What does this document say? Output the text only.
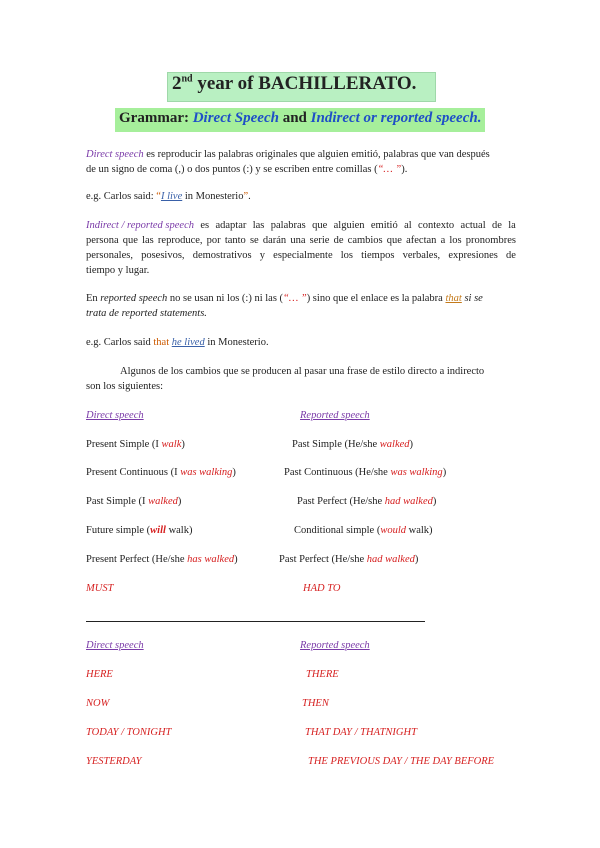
2nd year of BACHILLERATO.
Grammar: Direct Speech and Indirect or reported speech.
Direct speech es reproducir las palabras originales que alguien emitió, palabras que van después
de un signo de coma (,) o dos puntos (:) y se escriben entre comillas (“… ”).
e.g. Carlos said: “I live in Monesterio”.
Indirect / reported speech es adaptar las palabras que alguien emitió al contexto actual de la
persona que las reproduce, por tanto se darán una serie de cambios que afectan a los pronombres
personales, posesivos, demostrativos y especialmente los tiempos verbales, expresiones de
tiempo y lugar.
En reported speech no se usan ni los (:) ni las (“… ”) sino que el enlace es la palabra that si se
trata de reported statements.
e.g. Carlos said that he lived in Monesterio.
Algunos de los cambios que se producen al pasar una frase de estilo directo a indirecto
son los siguientes:
Direct speech	Reported speech
Present Simple (I walk)	Past Simple (He/she walked)
Present Continuous (I was walking)	Past Continuous (He/she was walking)
Past Simple (I walked)	Past Perfect (He/she had walked)
Future simple (will walk)	Conditional simple (would walk)
Present Perfect (He/she has walked)	Past Perfect (He/she had walked)
MUST	HAD TO
Direct speech	Reported speech
HERE	THERE
NOW	THEN
TODAY / TONIGHT	THAT DAY / THATNIGHT
YESTERDAY	THE PREVIOUS DAY / THE DAY BEFORE
